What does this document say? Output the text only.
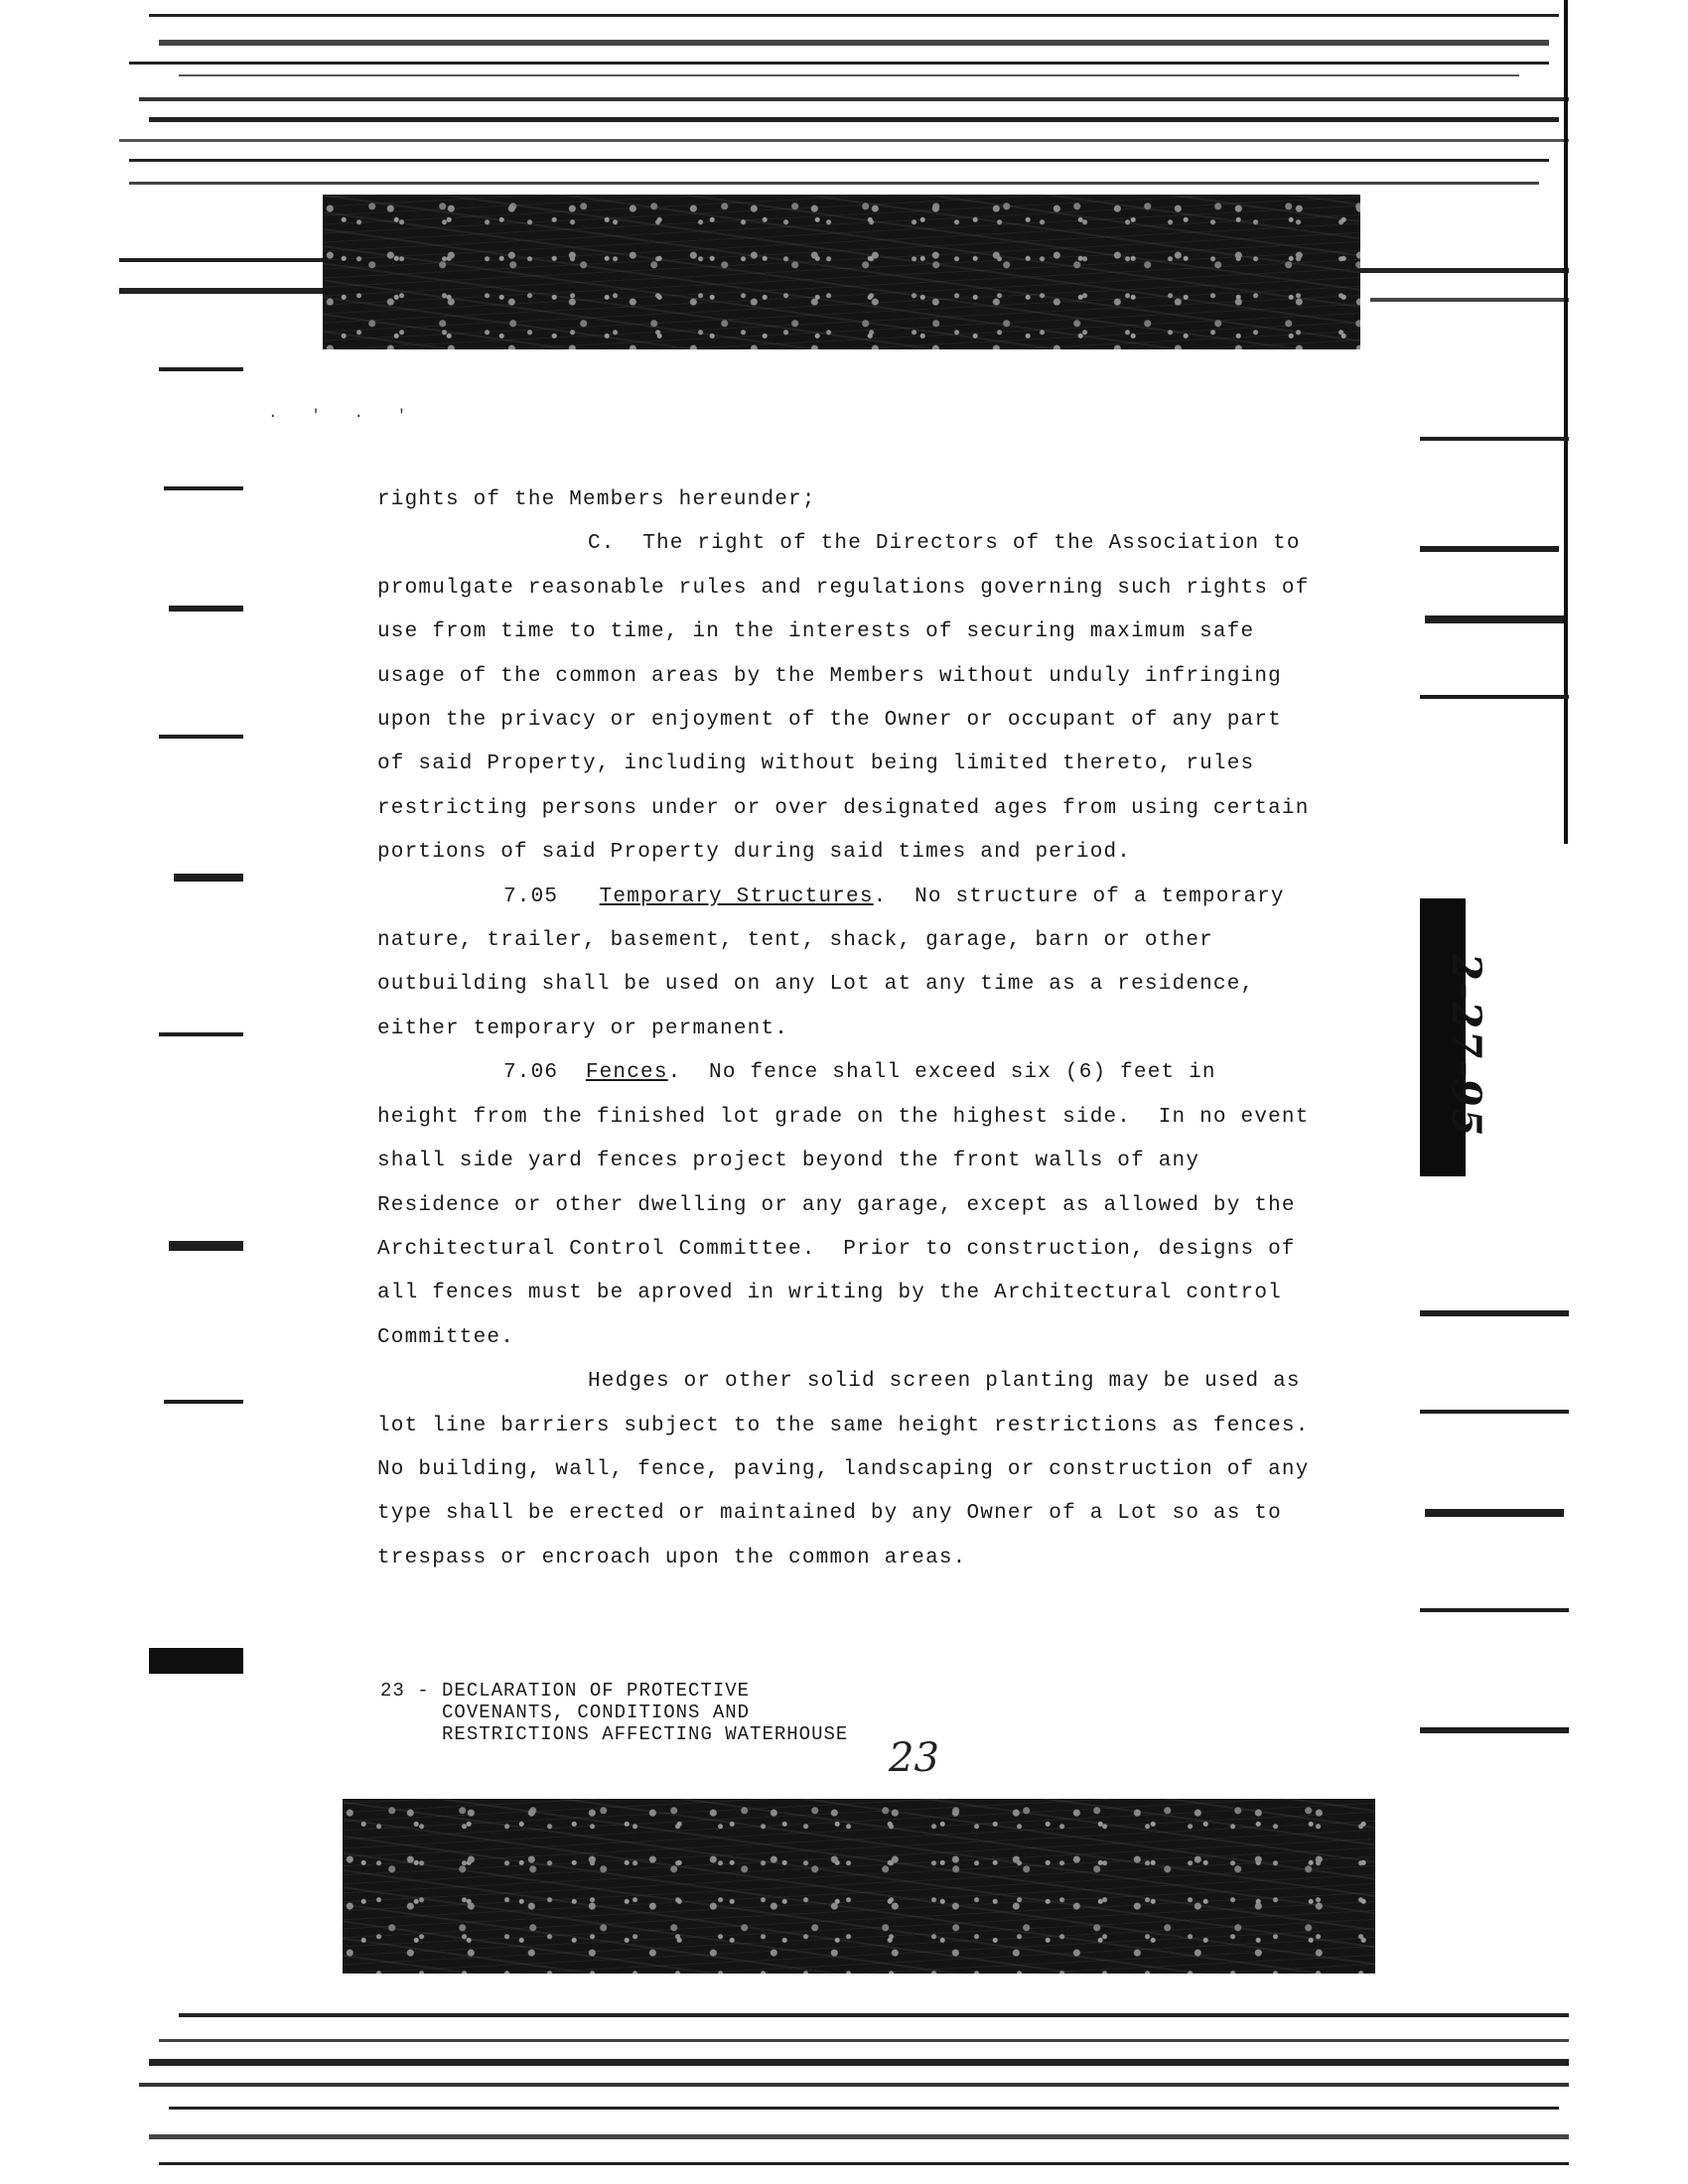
2-27-95
· ' · '

rights of the Members hereunder;

C.  The right of the Directors of the Association to promulgate reasonable rules and regulations governing such rights of use from time to time, in the interests of securing maximum safe usage of the common areas by the Members without unduly infringing upon the privacy or enjoyment of the Owner or occupant of any part of said Property, including without being limited thereto, rules restricting persons under or over designated ages from using certain portions of said Property during said times and period.

7.05 Temporary Structures.  No structure of a temporary nature, trailer, basement, tent, shack, garage, barn or other outbuilding shall be used on any Lot at any time as a residence, either temporary or permanent.

7.06 Fences.  No fence shall exceed six (6) feet in height from the finished lot grade on the highest side.  In no event shall side yard fences project beyond the front walls of any Residence or other dwelling or any garage, except as allowed by the Architectural Control Committee.  Prior to construction, designs of all fences must be aproved in writing by the Architectural control Committee.

Hedges or other solid screen planting may be used as lot line barriers subject to the same height restrictions as fences.  No building, wall, fence, paving, landscaping or construction of any type shall be erected or maintained by any Owner of a Lot so as to trespass or encroach upon the common areas.

23 - DECLARATION OF PROTECTIVE
COVENANTS, CONDITIONS AND
RESTRICTIONS AFFECTING WATERHOUSE
23
